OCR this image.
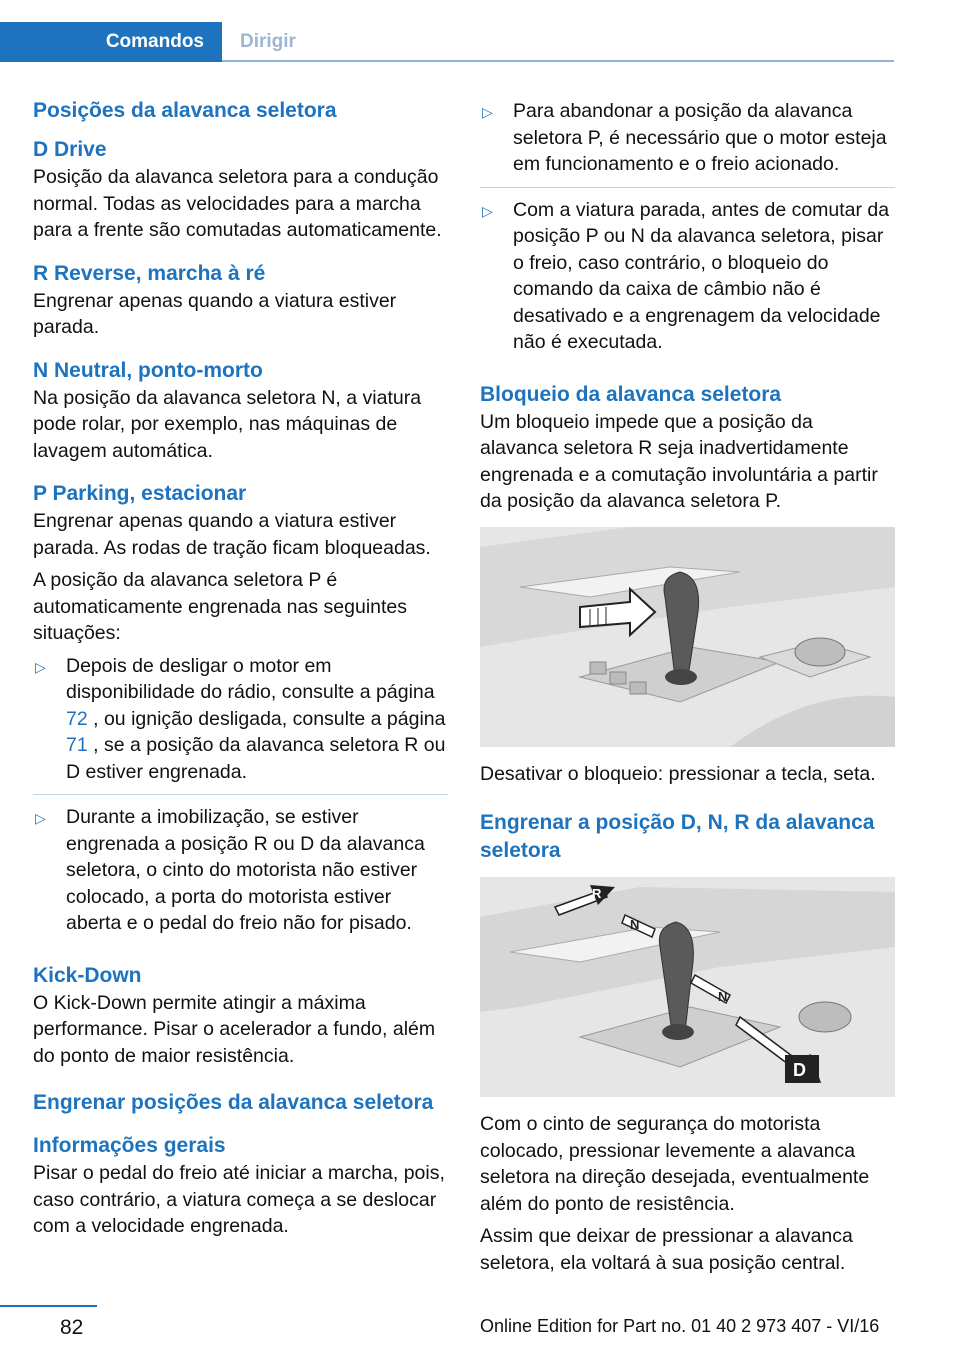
Comandos	Dirigir
Posições da alavanca seletora
D Drive

Posição da alavanca seletora para a condução normal. Todas as velocidades para a marcha para a frente são comutadas automaticamente.

R Reverse, marcha à ré

Engrenar apenas quando a viatura estiver parada.

N Neutral, ponto-morto

Na posição da alavanca seletora N, a viatura pode rolar, por exemplo, nas máquinas de lavagem automática.

P Parking, estacionar

Engrenar apenas quando a viatura estiver parada. As rodas de tração ficam bloqueadas.

A posição da alavanca seletora P é automaticamente engrenada nas seguintes situações:

▷ Depois de desligar o motor em disponibilidade do rádio, consulte a página 72 , ou ignição desligada, consulte a página 71 , se a posição da alavanca seletora R ou D estiver engrenada.
▷ Durante a imobilização, se estiver engrenada a posição R ou D da alavanca seletora, o cinto do motorista não estiver colocado, a porta do motorista estiver aberta e o pedal do freio não for pisado.
Kick-Down

O Kick-Down permite atingir a máxima performance. Pisar o acelerador a fundo, além do ponto de maior resistência.

Engrenar posições da alavanca seletora
Informações gerais

Pisar o pedal do freio até iniciar a marcha, pois, caso contrário, a viatura começa a se deslocar com a velocidade engrenada.

▷ Para abandonar a posição da alavanca seletora P, é necessário que o motor esteja em funcionamento e o freio acionado.
▷ Com a viatura parada, antes de comutar da posição P ou N da alavanca seletora, pisar o freio, caso contrário, o bloqueio do comando da caixa de câmbio não é desativado e a engrenagem da velocidade não é executada.
Bloqueio da alavanca seletora

Um bloqueio impede que a posição da alavanca seletora R seja inadvertidamente engrenada e a comutação involuntária a partir da posição da alavanca seletora P.

Desativar o bloqueio: pressionar a tecla, seta.

Engrenar a posição D, N, R da alavanca seletora
R
N
N
D

Com o cinto de segurança do motorista colocado, pressionar levemente a alavanca seletora na direção desejada, eventualmente além do ponto de resistência.

Assim que deixar de pressionar a alavanca seletora, ela voltará à sua posição central.

82	Online Edition for Part no. 01 40 2 973 407 - VI/16
